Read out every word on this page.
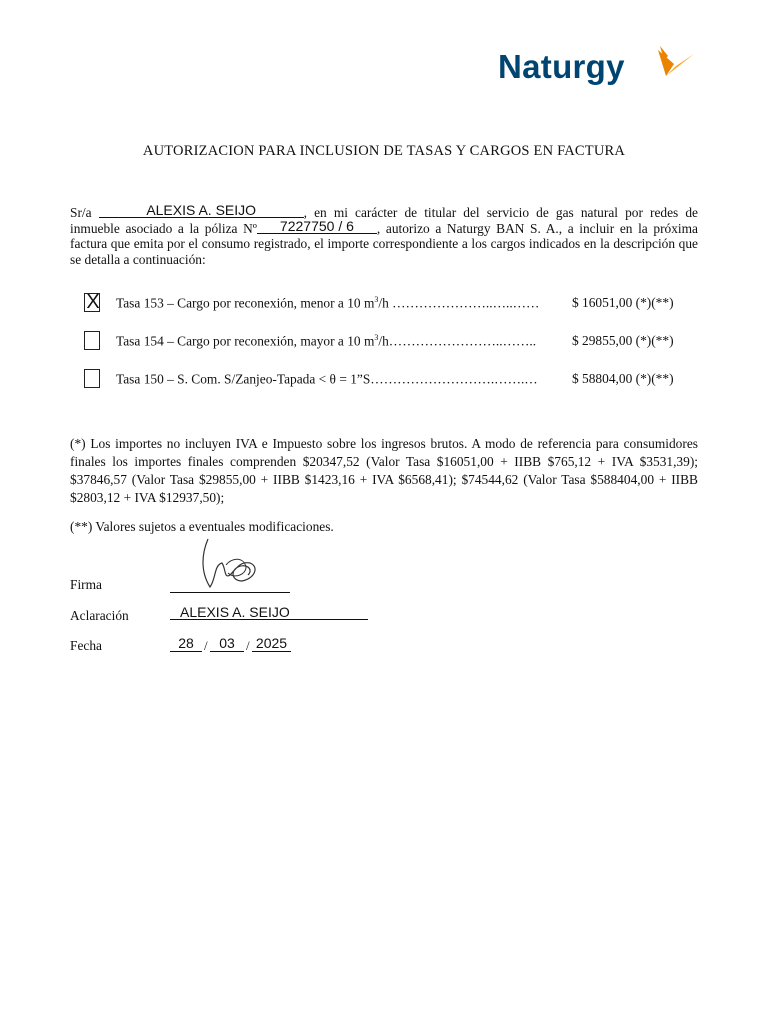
Naturgy
AUTORIZACION PARA INCLUSION DE TASAS Y CARGOS EN FACTURA
Sr/a	ALEXIS A. SEIJO	, en mi carácter de titular del servicio de gas natural por redes de inmueble asociado a la póliza Nº 7227750 / 6 , autorizo a Naturgy BAN S. A., a incluir en la próxima factura que emita por el consumo registrado, el importe correspondiente a los cargos indicados en la descripción que se detalla a continuación:
X Tasa 153 – Cargo por reconexión, menor a 10 $m^3/h$ …………………..…..…… $ 16051,00 (*)(**)
Tasa 154 – Cargo por reconexión, mayor a 10 $m^3/h\dots\dots\dots\dots\dots\dots\dots\dots..\dots\dots$..	$ 29855,00 (*)(**)
Tasa 150 – S. Com. S/Zanjeo-Tapada < θ = 1”S……………………….…….…	$ 58804,00 (*)(**)
(*) Los importes no incluyen IVA e Impuesto sobre los ingresos brutos. A modo de referencia para consumidores finales los importes finales comprenden $20347,52 (Valor Tasa $16051,00 + IIBB $765,12 + IVA $3531,39); $37846,57 (Valor Tasa $29855,00 + IIBB $1423,16 + IVA $6568,41); $74544,62 (Valor Tasa $588404,00 + IIBB $2803,12 + IVA $12937,50);
(**) Valores sujetos a eventuales modificaciones.
Firma
Aclaración	ALEXIS A. SEIJO
Fecha	28 / 03 / 2025
